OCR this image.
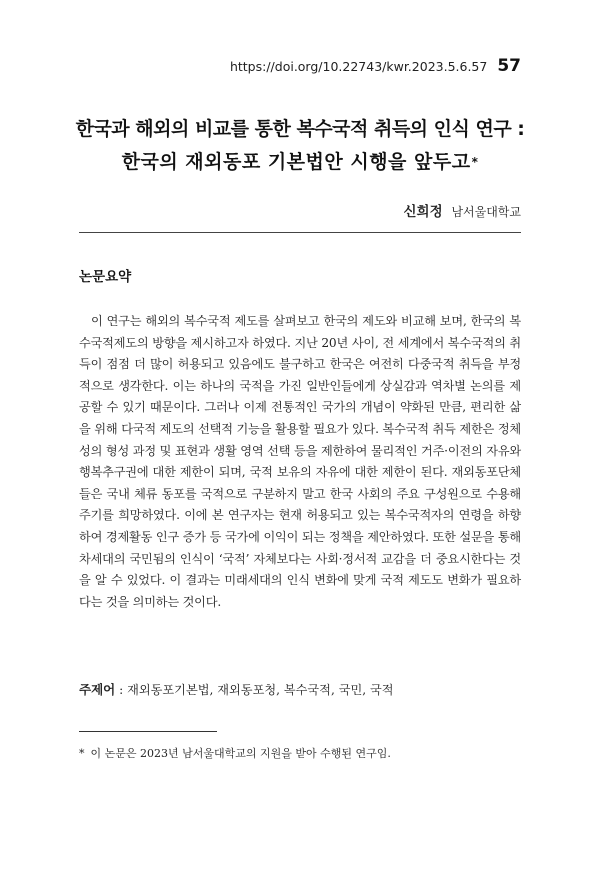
https://doi.org/10.22743/kwr.2023.5.6.57 57
한국과 해외의 비교를 통한 복수국적 취득의 인식 연구 :
한국의 재외동포 기본법안 시행을 앞두고*
신희정 남서울대학교
논문요약

이 연구는 해외의 복수국적 제도를 살펴보고 한국의 제도와 비교해 보며, 한국의 복수국적제도의 방향을 제시하고자 하였다. 지난 20년 사이, 전 세계에서 복수국적의 취득이 점점 더 많이 허용되고 있음에도 불구하고 한국은 여전히 다중국적 취득을 부정적으로 생각한다. 이는 하나의 국적을 가진 일반인들에게 상실감과 역차별 논의를 제공할 수 있기 때문이다. 그러나 이제 전통적인 국가의 개념이 약화된 만큼, 편리한 삶을 위해 다국적 제도의 선택적 기능을 활용할 필요가 있다. 복수국적 취득 제한은 정체성의 형성 과정 및 표현과 생활 영역 선택 등을 제한하여 물리적인 거주·이전의 자유와 행복추구권에 대한 제한이 되며, 국적 보유의 자유에 대한 제한이 된다. 재외동포단체들은 국내 체류 동포를 국적으로 구분하지 말고 한국 사회의 주요 구성원으로 수용해 주기를 희망하였다. 이에 본 연구자는 현재 허용되고 있는 복수국적자의 연령을 하향하여 경제활동 인구 증가 등 국가에 이익이 되는 정책을 제안하였다. 또한 설문을 통해 차세대의 국민됨의 인식이 ‘국적’ 자체보다는 사회·정서적 교감을 더 중요시한다는 것을 알 수 있었다. 이 결과는 미래세대의 인식 변화에 맞게 국적 제도도 변화가 필요하다는 것을 의미하는 것이다.

주제어 : 재외동포기본법, 재외동포청, 복수국적, 국민, 국적
* 이 논문은 2023년 남서울대학교의 지원을 받아 수행된 연구임.
